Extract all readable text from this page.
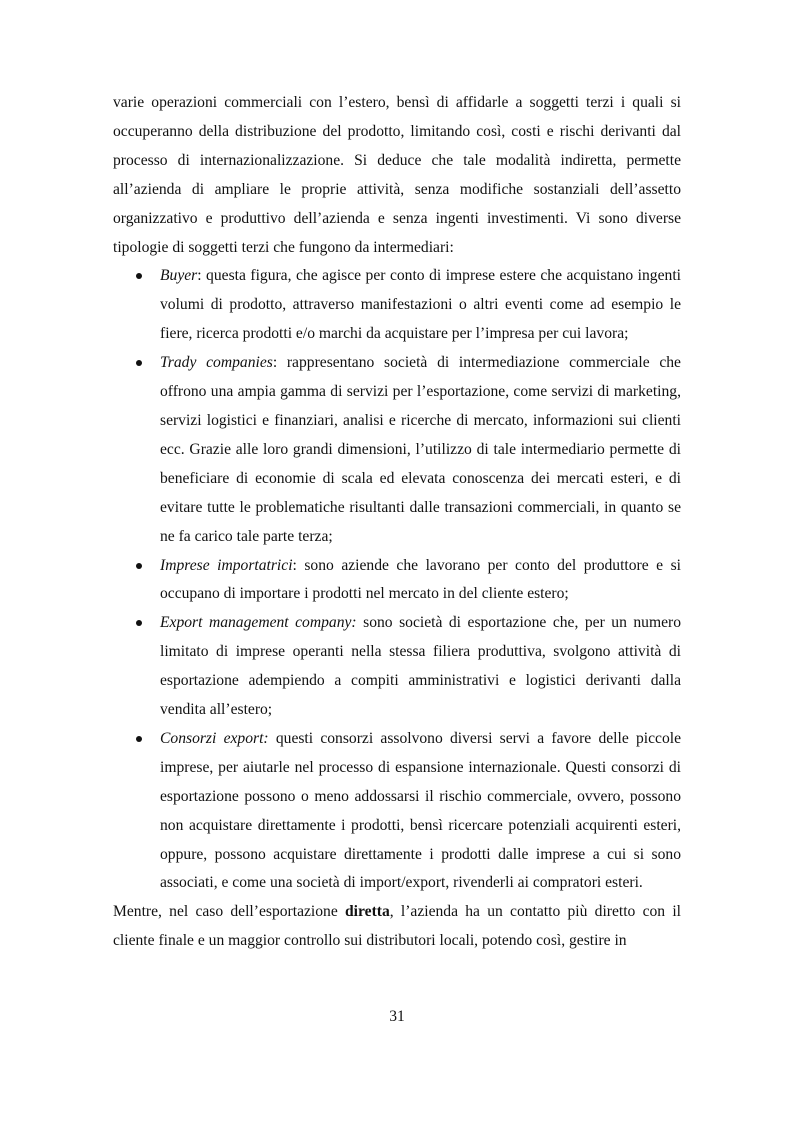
varie operazioni commerciali con l’estero, bensì di affidarle a soggetti terzi i quali si occuperanno della distribuzione del prodotto, limitando così, costi e rischi derivanti dal processo di internazionalizzazione. Si deduce che tale modalità indiretta, permette all’azienda di ampliare le proprie attività, senza modifiche sostanziali dell’assetto organizzativo e produttivo dell’azienda e senza ingenti investimenti. Vi sono diverse tipologie di soggetti terzi che fungono da intermediari:

Buyer: questa figura, che agisce per conto di imprese estere che acquistano ingenti volumi di prodotto, attraverso manifestazioni o altri eventi come ad esempio le fiere, ricerca prodotti e/o marchi da acquistare per l’impresa per cui lavora;
Trady companies: rappresentano società di intermediazione commerciale che offrono una ampia gamma di servizi per l’esportazione, come servizi di marketing, servizi logistici e finanziari, analisi e ricerche di mercato, informazioni sui clienti ecc. Grazie alle loro grandi dimensioni, l’utilizzo di tale intermediario permette di beneficiare di economie di scala ed elevata conoscenza dei mercati esteri, e di evitare tutte le problematiche risultanti dalle transazioni commerciali, in quanto se ne fa carico tale parte terza;
Imprese importatrici: sono aziende che lavorano per conto del produttore e si occupano di importare i prodotti nel mercato in del cliente estero;
Export management company: sono società di esportazione che, per un numero limitato di imprese operanti nella stessa filiera produttiva, svolgono attività di esportazione adempiendo a compiti amministrativi e logistici derivanti dalla vendita all’estero;
Consorzi export: questi consorzi assolvono diversi servi a favore delle piccole imprese, per aiutarle nel processo di espansione internazionale. Questi consorzi di esportazione possono o meno addossarsi il rischio commerciale, ovvero, possono non acquistare direttamente i prodotti, bensì ricercare potenziali acquirenti esteri, oppure, possono acquistare direttamente i prodotti dalle imprese a cui si sono associati, e come una società di import/export, rivenderli ai compratori esteri.

Mentre, nel caso dell’esportazione diretta, l’azienda ha un contatto più diretto con il cliente finale e un maggior controllo sui distributori locali, potendo così, gestire in

31
